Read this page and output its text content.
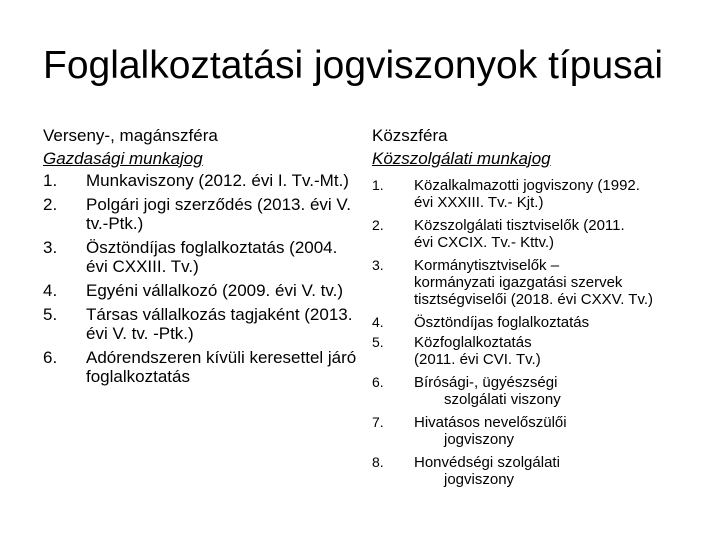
Foglalkoztatási jogviszonyok típusai
Verseny-, magánszféra
Gazdasági munkajog
1. Munkaviszony (2012. évi I. Tv.-Mt.)
2. Polgári jogi szerződés (2013. évi V. tv.-Ptk.)
3. Ösztöndíjas foglalkoztatás (2004. évi CXXIII. Tv.)
4. Egyéni vállalkozó (2009. évi V. tv.)
5. Társas vállalkozás tagjaként (2013. évi V. tv. -Ptk.)
6. Adórendszeren kívüli keresettel járó foglalkoztatás
Közszféra
Közszolgálati munkajog
1. Közalkalmazotti jogviszony (1992.
évi XXXIII. Tv.- Kjt.)
2. Közszolgálati tisztviselők (2011.
évi CXCIX. Tv.- Kttv.)
3. Kormánytisztviselők –
kormányzati igazgatási szervek tisztségviselői (2018. évi CXXV. Tv.)
4. Ösztöndíjas foglalkoztatás
5. Közfoglalkoztatás
(2011. évi CVI. Tv.)
6. Bírósági-, ügyészségi
szolgálati viszony
7. Hivatásos nevelőszülői
jogviszony
8. Honvédségi szolgálati
jogviszony
